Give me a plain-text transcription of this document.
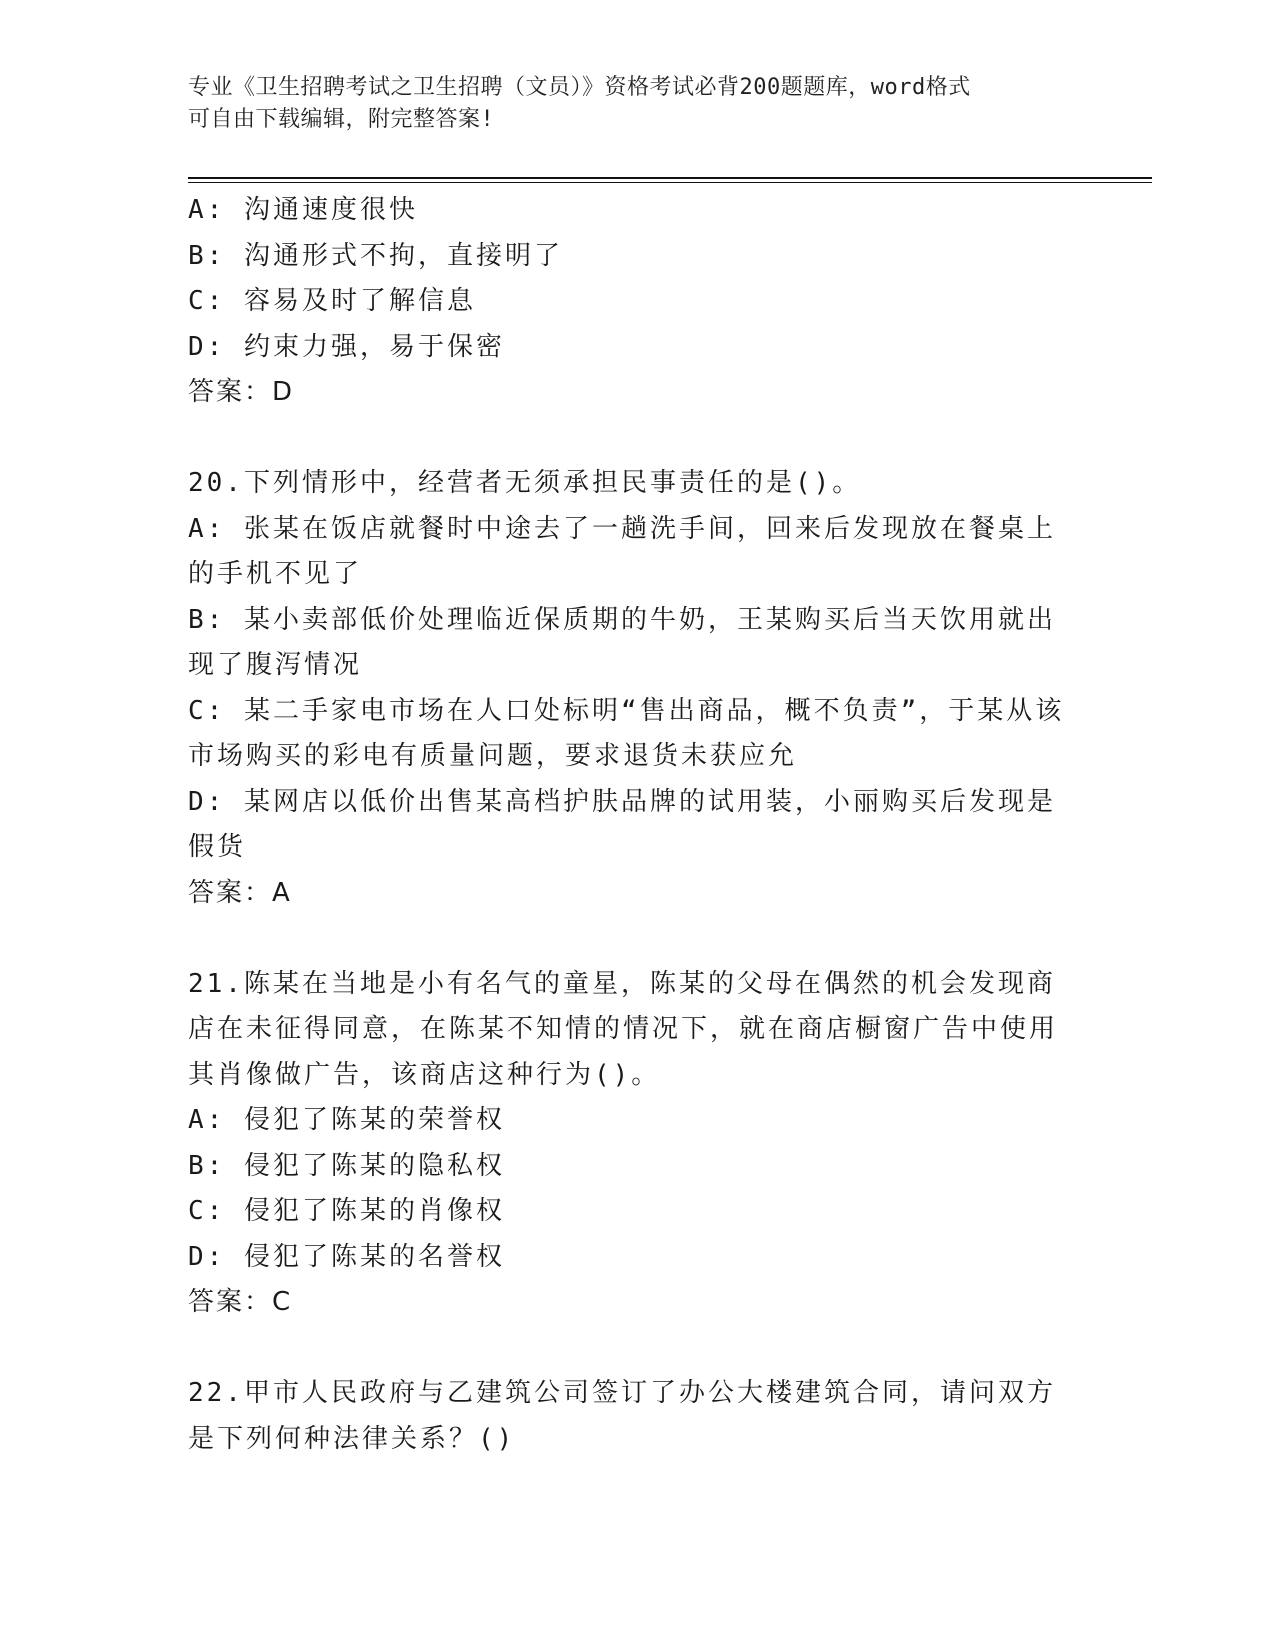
专业《卫生招聘考试之卫生招聘（文员）》资格考试必背200题题库，word格式
可自由下载编辑，附完整答案!
A: 沟通速度很快
B: 沟通形式不拘，直接明了
C: 容易及时了解信息
D: 约束力强，易于保密
答案：D
20.下列情形中，经营者无须承担民事责任的是()。
A: 张某在饭店就餐时中途去了一趟洗手间，回来后发现放在餐桌上的手机不见了
B: 某小卖部低价处理临近保质期的牛奶，王某购买后当天饮用就出现了腹泻情况
C: 某二手家电市场在人口处标明“售出商品，概不负责”，于某从该市场购买的彩电有质量问题，要求退货未获应允
D: 某网店以低价出售某高档护肤品牌的试用装，小丽购买后发现是假货
答案：A
21.陈某在当地是小有名气的童星，陈某的父母在偶然的机会发现商店在未征得同意，在陈某不知情的情况下，就在商店橱窗广告中使用其肖像做广告，该商店这种行为()。
A: 侵犯了陈某的荣誉权
B: 侵犯了陈某的隐私权
C: 侵犯了陈某的肖像权
D: 侵犯了陈某的名誉权
答案：C
22.甲市人民政府与乙建筑公司签订了办公大楼建筑合同，请问双方是下列何种法律关系？()
